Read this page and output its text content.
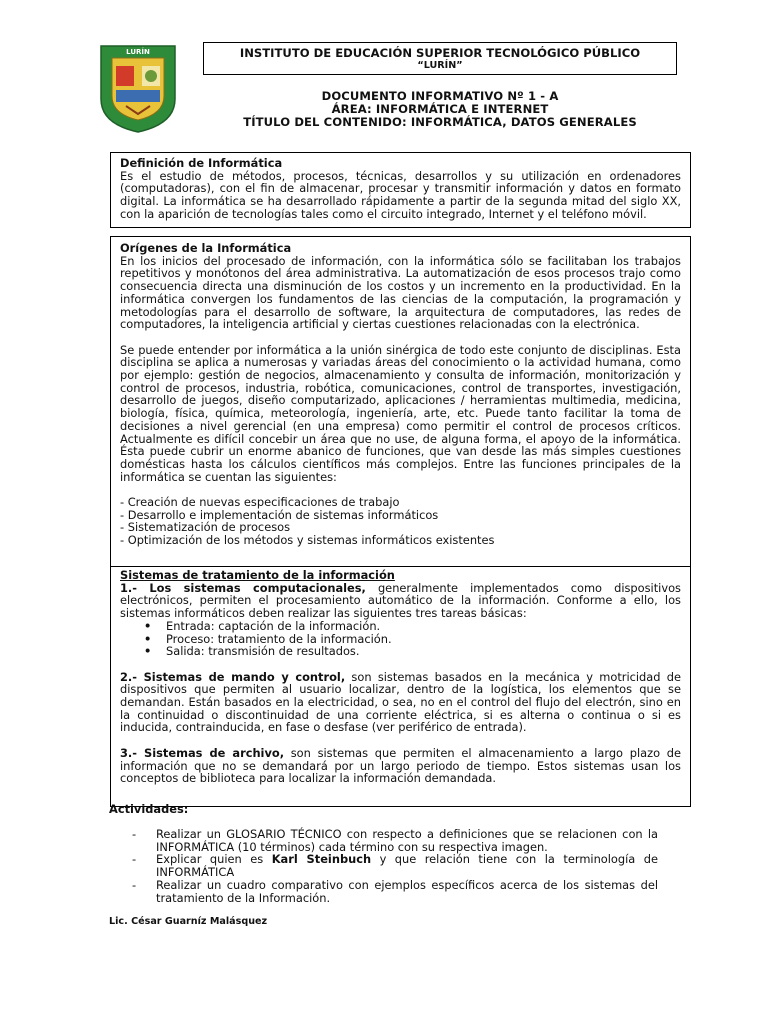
LURÍN	INSTITUTO DE EDUCACIÓN SUPERIOR TECNOLÓGICO PÚBLICO
“LURÍN”
DOCUMENTO INFORMATIVO Nº 1 - A
ÁREA: INFORMÁTICA E INTERNET
TÍTULO DEL CONTENIDO: INFORMÁTICA, DATOS GENERALES
Definición de Informática

Es el estudio de métodos, procesos, técnicas, desarrollos y su utilización en ordenadores (computadoras), con el fin de almacenar, procesar y transmitir información y datos en formato digital. La informática se ha desarrollado rápidamente a partir de la segunda mitad del siglo XX, con la aparición de tecnologías tales como el circuito integrado, Internet y el teléfono móvil.

Orígenes de la Informática

En los inicios del procesado de información, con la informática sólo se facilitaban los trabajos repetitivos y monótonos del área administrativa. La automatización de esos procesos trajo como consecuencia directa una disminución de los costos y un incremento en la productividad. En la informática convergen los fundamentos de las ciencias de la computación, la programación y metodologías para el desarrollo de software, la arquitectura de computadores, las redes de computadores, la inteligencia artificial y ciertas cuestiones relacionadas con la electrónica.

Se puede entender por informática a la unión sinérgica de todo este conjunto de disciplinas. Esta disciplina se aplica a numerosas y variadas áreas del conocimiento o la actividad humana, como por ejemplo: gestión de negocios, almacenamiento y consulta de información, monitorización y control de procesos, industria, robótica, comunicaciones, control de transportes, investigación, desarrollo de juegos, diseño computarizado, aplicaciones / herramientas multimedia, medicina, biología, física, química, meteorología, ingeniería, arte, etc. Puede tanto facilitar la toma de decisiones a nivel gerencial (en una empresa) como permitir el control de procesos críticos. Actualmente es difícil concebir un área que no use, de alguna forma, el apoyo de la informática. Ésta puede cubrir un enorme abanico de funciones, que van desde las más simples cuestiones domésticas hasta los cálculos científicos más complejos. Entre las funciones principales de la informática se cuentan las siguientes:

- Creación de nuevas especificaciones de trabajo
- Desarrollo e implementación de sistemas informáticos
- Sistematización de procesos
- Optimización de los métodos y sistemas informáticos existentes
Sistemas de tratamiento de la información

1.- Los sistemas computacionales, generalmente implementados como dispositivos electrónicos, permiten el procesamiento automático de la información. Conforme a ello, los sistemas informáticos deben realizar las siguientes tres tareas básicas:

• Entrada: captación de la información.
• Proceso: tratamiento de la información.
• Salida: transmisión de resultados.

2.- Sistemas de mando y control, son sistemas basados en la mecánica y motricidad de dispositivos que permiten al usuario localizar, dentro de la logística, los elementos que se demandan. Están basados en la electricidad, o sea, no en el control del flujo del electrón, sino en la continuidad o discontinuidad de una corriente eléctrica, si es alterna o continua o si es inducida, contrainducida, en fase o desfase (ver periférico de entrada).

3.- Sistemas de archivo, son sistemas que permiten el almacenamiento a largo plazo de información que no se demandará por un largo periodo de tiempo. Estos sistemas usan los conceptos de biblioteca para localizar la información demandada.

Actividades:
- Realizar un GLOSARIO TÉCNICO con respecto a definiciones que se relacionen con la INFORMÁTICA (10 términos) cada término con su respectiva imagen.
- Explicar quien es Karl Steinbuch y que relación tiene con la terminología de INFORMÁTICA
- Realizar un cuadro comparativo con ejemplos específicos acerca de los sistemas del tratamiento de la Información.
Lic. César Guarníz Malásquez
